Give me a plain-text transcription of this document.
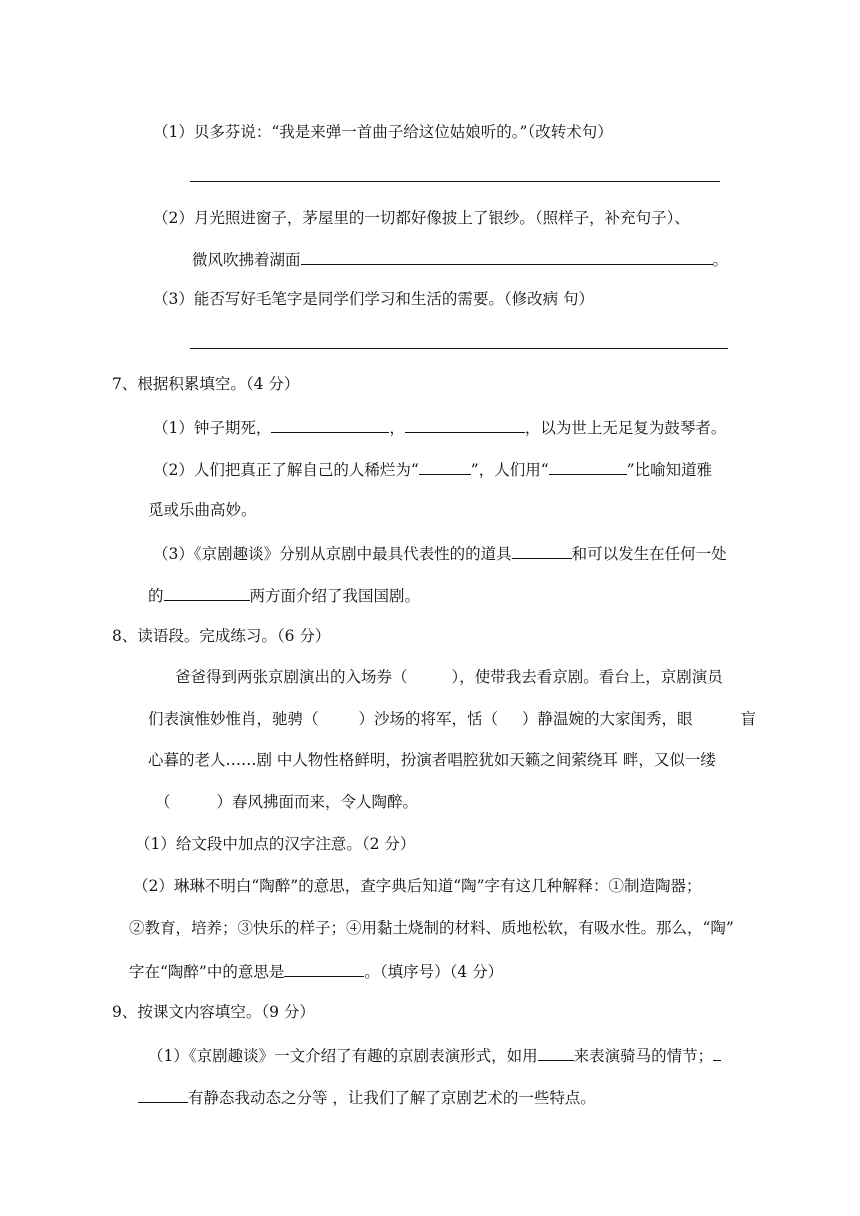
（1）贝多芬说：“我是来弹一首曲子给这位姑娘听的。”（改转术句）
（2）月光照进窗子，茅屋里的一切都好像披上了银纱。（照样子，补充句子）、
微风吹拂着湖面	。
（3）能否写好毛笔字是同学们学习和生活的需要。（修改病 句）
7、根据积累填空。（4 分）
（1）钟子期死，	，	，以为世上无足复为鼓琴者。
（2）人们把真正了解自己的人稀烂为“	”，人们用“	”比喻知道雅
觅或乐曲高妙。
（3）《京剧趣谈》分别从京剧中最具代表性的的道具	和可以发生在任何一处
的	两方面介绍了我国国剧。
8、读语段。完成练习。（6 分）
爸爸得到两张京剧演出的入场券（	），使带我去看京剧。看台上，京剧演员
们表演惟妙惟肖，驰骋（	）沙场的将军，恬（ ）静温婉的大家闺秀，眼	盲
心暮的老人……剧 中人物性格鲜明，扮演者唱腔犹如天籁之间萦绕耳 畔，又似一缕
（	）春风拂面而来，令人陶醉。
（1）给文段中加点的汉字注意。（2 分）
（2）琳琳不明白“陶醉”的意思，查字典后知道“陶”字有这几种解释：①制造陶器；
②教育，培养；③快乐的样子；④用黏土烧制的材料、质地松软，有吸水性。那么，“陶”
字在“陶醉”中的意思是	。（填序号）（4 分）
9、按课文内容填空。（9 分）
（1）《京剧趣谈》一文介绍了有趣的京剧表演形式，如用 来表演骑马的情节；
有静态我动态之分等 ，让我们了解了京剧艺术的一些特点。
